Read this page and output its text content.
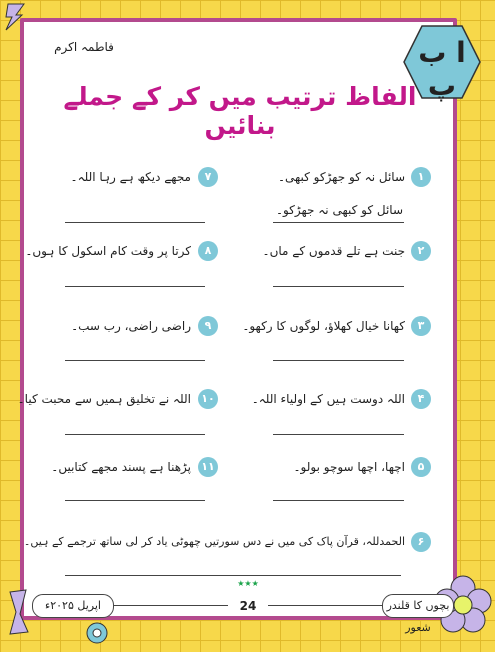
فاطمہ اکرم	ا ب پ
الفاظ ترتیب میں کر کے جملے بنائیں
۱
سائل نہ کو جھڑکو کبھی۔
سائل کو کبھی نہ جھڑکو۔
۲
جنت ہے تلے قدموں کے ماں۔
۳
کھانا خیال کھلاؤ، لوگوں کا رکھو۔
۴
اللہ دوست ہیں کے اولیاء اللہ۔
۵
اچھا، اچھا سوچو بولو۔
۷
مجھے دیکھ ہے رہا اللہ۔
۸
کرتا پر وقت کام اسکول کا ہوں۔
۹
راضی راضی، رب سب۔
۱۰
اللہ نے تخلیق ہمیں سے محبت کیا۔
۱۱
پڑھنا ہے پسند مجھے کتابیں۔
۶
الحمدللہ، قرآن پاک کی میں نے دس سورتیں چھوٹی یاد کر لی ساتھ ترجمے کے ہیں۔
★★★
24
اپریل ۲۰۲۵ء	بچوں کا قلندر شعور
